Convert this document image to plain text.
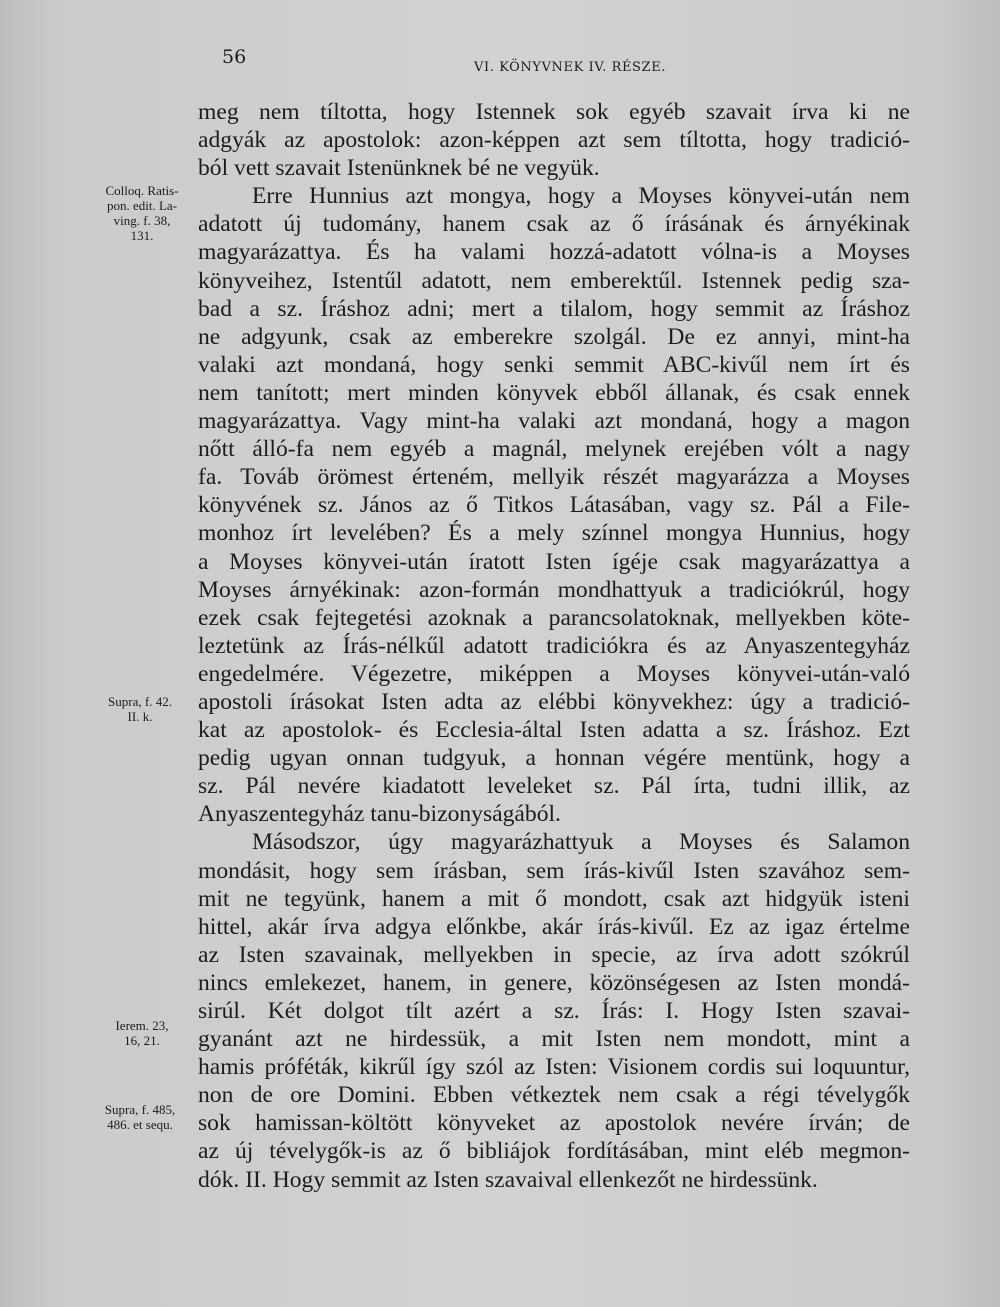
56	VI. KÖNYVNEK IV. RÉSZE.
Colloq. Ratis-
pon. edit. La-
ving. f. 38,
131.
Supra, f. 42.
II. k.
Ierem. 23,
16, 21.
Supra, f. 485,
486. et sequ.
meg nem tíltotta, hogy Istennek sok egyéb szavait írva ki ne
adgyák az apostolok: azon-képpen azt sem tíltotta, hogy tradició-
ból vett szavait Istenünknek bé ne vegyük.
Erre Hunnius azt mongya, hogy a Moyses könyvei-után nem
adatott új tudomány, hanem csak az ő írásának és árnyékinak
magyarázattya. És ha valami hozzá-adatott vólna-is a Moyses
könyveihez, Istentűl adatott, nem emberektűl. Istennek pedig sza-
bad a sz. Íráshoz adni; mert a tilalom, hogy semmit az Íráshoz
ne adgyunk, csak az emberekre szolgál. De ez annyi, mint-ha
valaki azt mondaná, hogy senki semmit ABC-kivűl nem írt és
nem tanított; mert minden könyvek ebből állanak, és csak ennek
magyarázattya. Vagy mint-ha valaki azt mondaná, hogy a magon
nőtt álló-fa nem egyéb a magnál, melynek erejében vólt a nagy
fa. Továb örömest érteném, mellyik részét magyarázza a Moyses
könyvének sz. János az ő Titkos Látasában, vagy sz. Pál a File-
monhoz írt levelében? És a mely színnel mongya Hunnius, hogy
a Moyses könyvei-után íratott Isten ígéje csak magyarázattya a
Moyses árnyékinak: azon-formán mondhattyuk a tradiciókrúl, hogy
ezek csak fejtegetési azoknak a parancsolatoknak, mellyekben köte-
leztetünk az Írás-nélkűl adatott tradiciókra és az Anyaszentegyház
engedelmére. Végezetre, miképpen a Moyses könyvei-után-való
apostoli írásokat Isten adta az elébbi könyvekhez: úgy a tradició-
kat az apostolok- és Ecclesia-által Isten adatta a sz. Íráshoz. Ezt
pedig ugyan onnan tudgyuk, a honnan végére mentünk, hogy a
sz. Pál nevére kiadatott leveleket sz. Pál írta, tudni illik, az
Anyaszentegyház tanu-bizonyságából.
Másodszor, úgy magyarázhattyuk a Moyses és Salamon
mondásit, hogy sem írásban, sem írás-kivűl Isten szavához sem-
mit ne tegyünk, hanem a mit ő mondott, csak azt hidgyük isteni
hittel, akár írva adgya előnkbe, akár írás-kivűl. Ez az igaz értelme
az Isten szavainak, mellyekben in specie, az írva adott szókrúl
nincs emlekezet, hanem, in genere, közönségesen az Isten mondá-
sirúl. Két dolgot tílt azért a sz. Írás: I. Hogy Isten szavai-
gyanánt azt ne hirdessük, a mit Isten nem mondott, mint a
hamis próféták, kikrűl így szól az Isten: Visionem cordis sui loquuntur,
non de ore Domini. Ebben vétkeztek nem csak a régi tévelygők
sok hamissan-költött könyveket az apostolok nevére írván; de
az új tévelygők-is az ő bibliájok fordításában, mint eléb megmon-
dók. II. Hogy semmit az Isten szavaival ellenkezőt ne hirdessünk.
